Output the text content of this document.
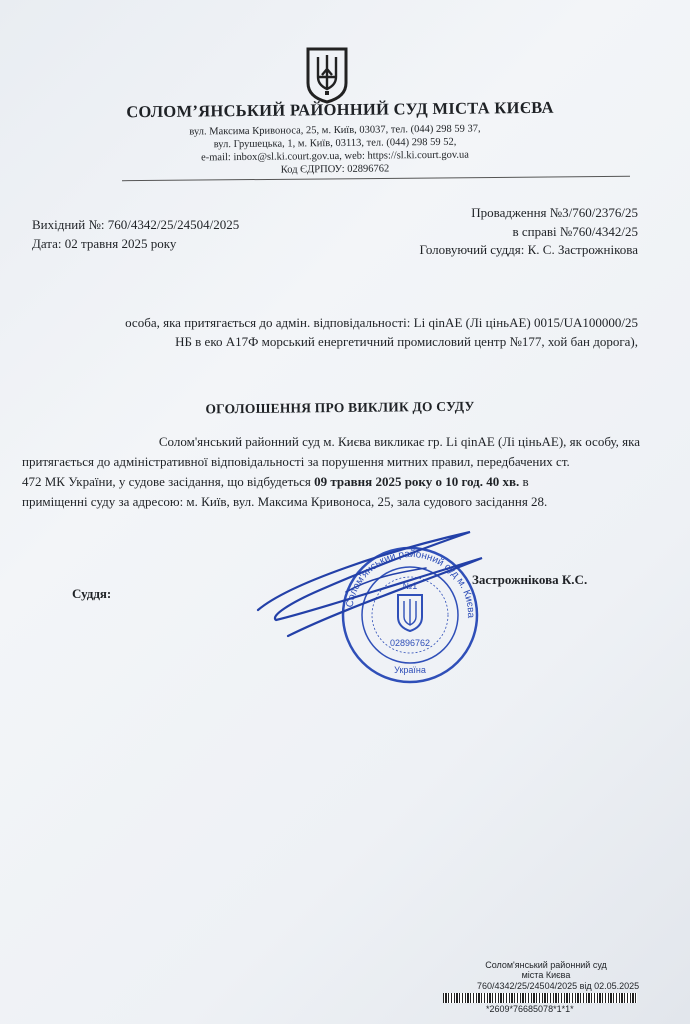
СОЛОМ’ЯНСЬКИЙ РАЙОННИЙ СУД МІСТА КИЄВА
вул. Максима Кривоноса, 25, м. Київ, 03037, тел. (044) 298 59 37,
вул. Грушецька, 1, м. Київ, 03113, тел. (044) 298 59 52,
e-mail: inbox@sl.ki.court.gov.ua, web: https://sl.ki.court.gov.ua
Код ЄДРПОУ: 02896762
Вихідний №: 760/4342/25/24504/2025
Дата: 02 травня 2025 року
Провадження №3/760/2376/25
в справі №760/4342/25
Головуючий суддя: К. С. Застрожнікова
особа, яка притягається до адмін. відповідальності: Li qinAE (Лі ціньAE) 0015/UA100000/25
НБ в еко А17Ф морський енергетичний промисловий центр №177, хой бан дорога),
ОГОЛОШЕННЯ ПРО ВИКЛИК ДО СУДУ
Солом'янський районний суд м. Києва викликає гр. Li qinAE (Лі ціньAE), як особу, яка
притягається до адміністративної відповідальності за порушення митних правил, передбачених ст.
472 МК України, у судове засідання, що відбудеться 09 травня 2025 року о 10 год. 40 хв. в
приміщенні суду за адресою: м. Київ, вул. Максима Кривоноса, 25, зала судового засідання 28.
Суддя:
Застрожнікова К.С.
Солом'янський районний суд м. Києва
№1
02896762
Україна
Солом'янський районний суд
міста Києва
760/4342/25/24504/2025 від 02.05.2025
*2609*76685078*1*1*
